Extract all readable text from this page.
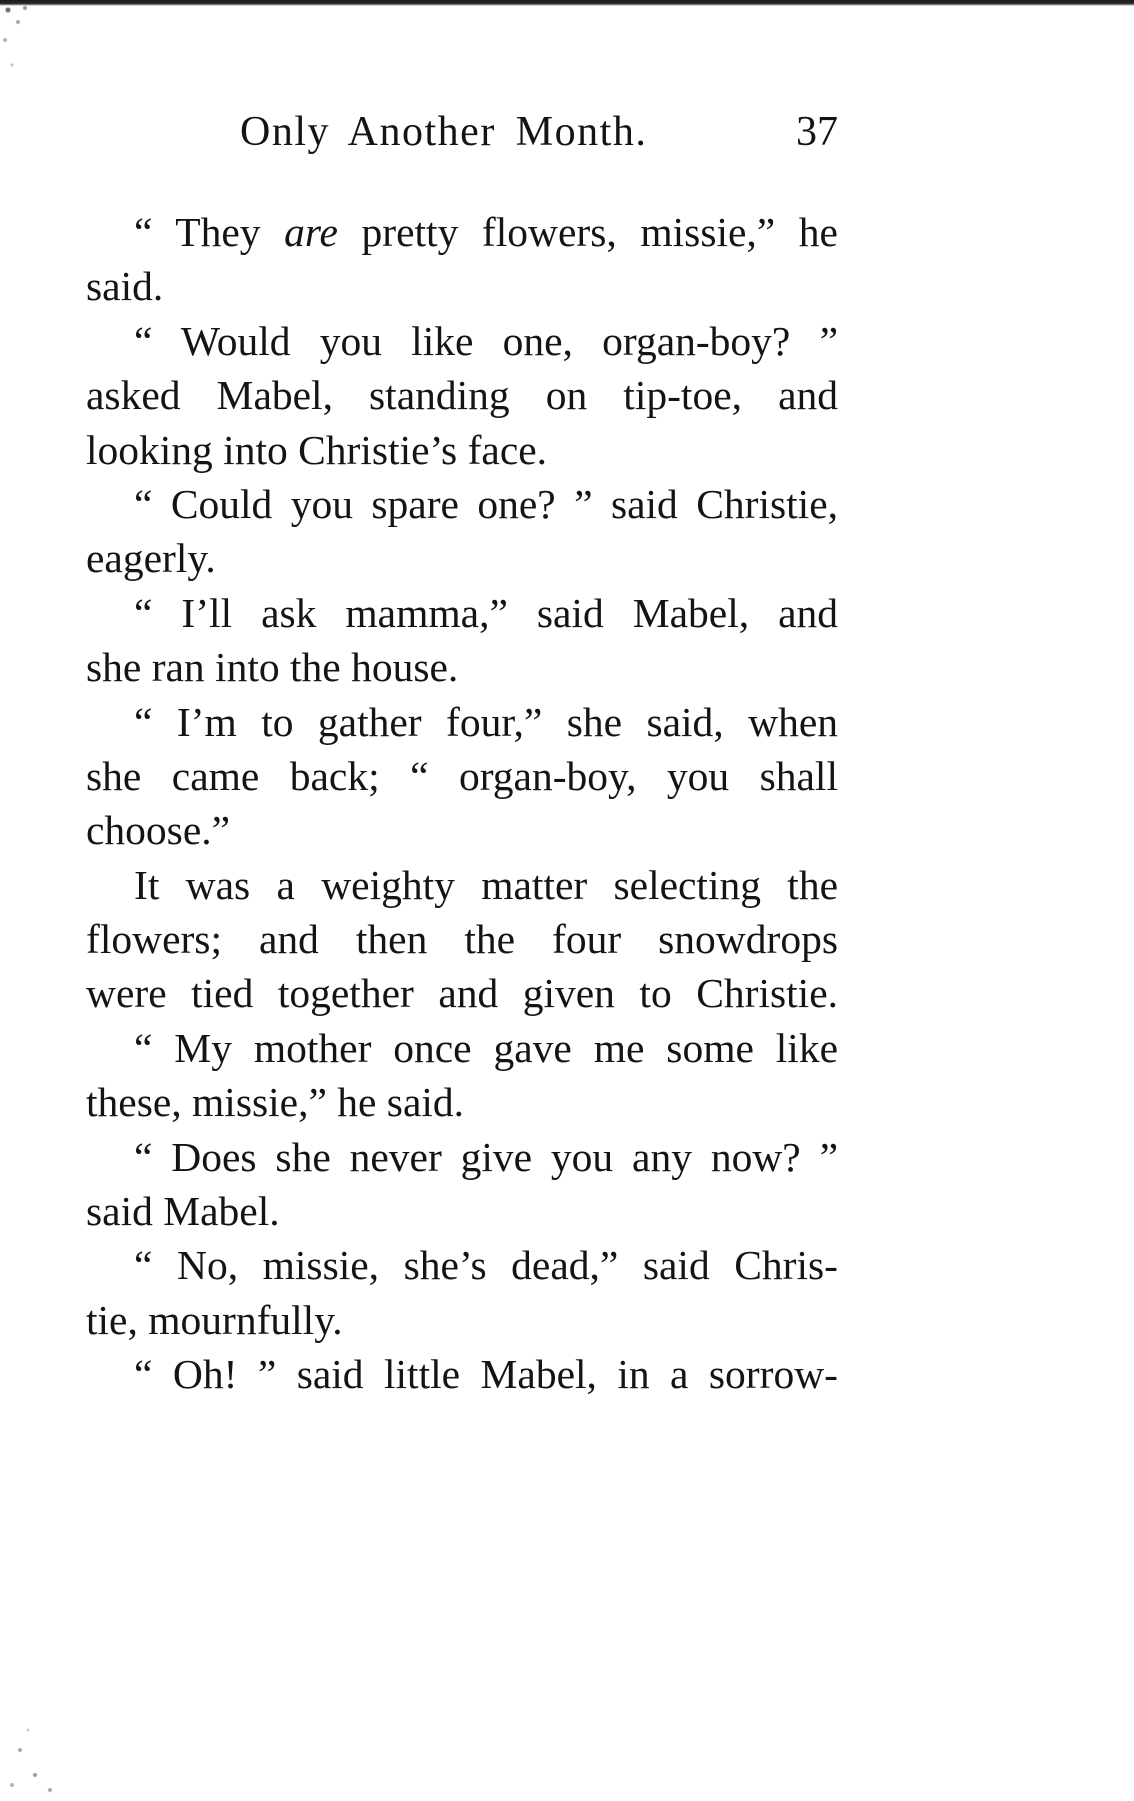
Only Another Month.	37
“ They are pretty flowers, missie,” he
said.
“ Would you like one, organ-boy? ”
asked Mabel, standing on tip-toe, and
looking into Christie’s face.
“ Could you spare one? ” said Christie,
eagerly.
“ I’ll ask mamma,” said Mabel, and
she ran into the house.
“ I’m to gather four,” she said, when
she came back; “ organ-boy, you shall
choose.”
It was a weighty matter selecting the
flowers; and then the four snowdrops
were tied together and given to Christie.
“ My mother once gave me some like
these, missie,” he said.
“ Does she never give you any now? ”
said Mabel.
“ No, missie, she’s dead,” said Chris-
tie, mournfully.
“ Oh! ” said little Mabel, in a sorrow-
